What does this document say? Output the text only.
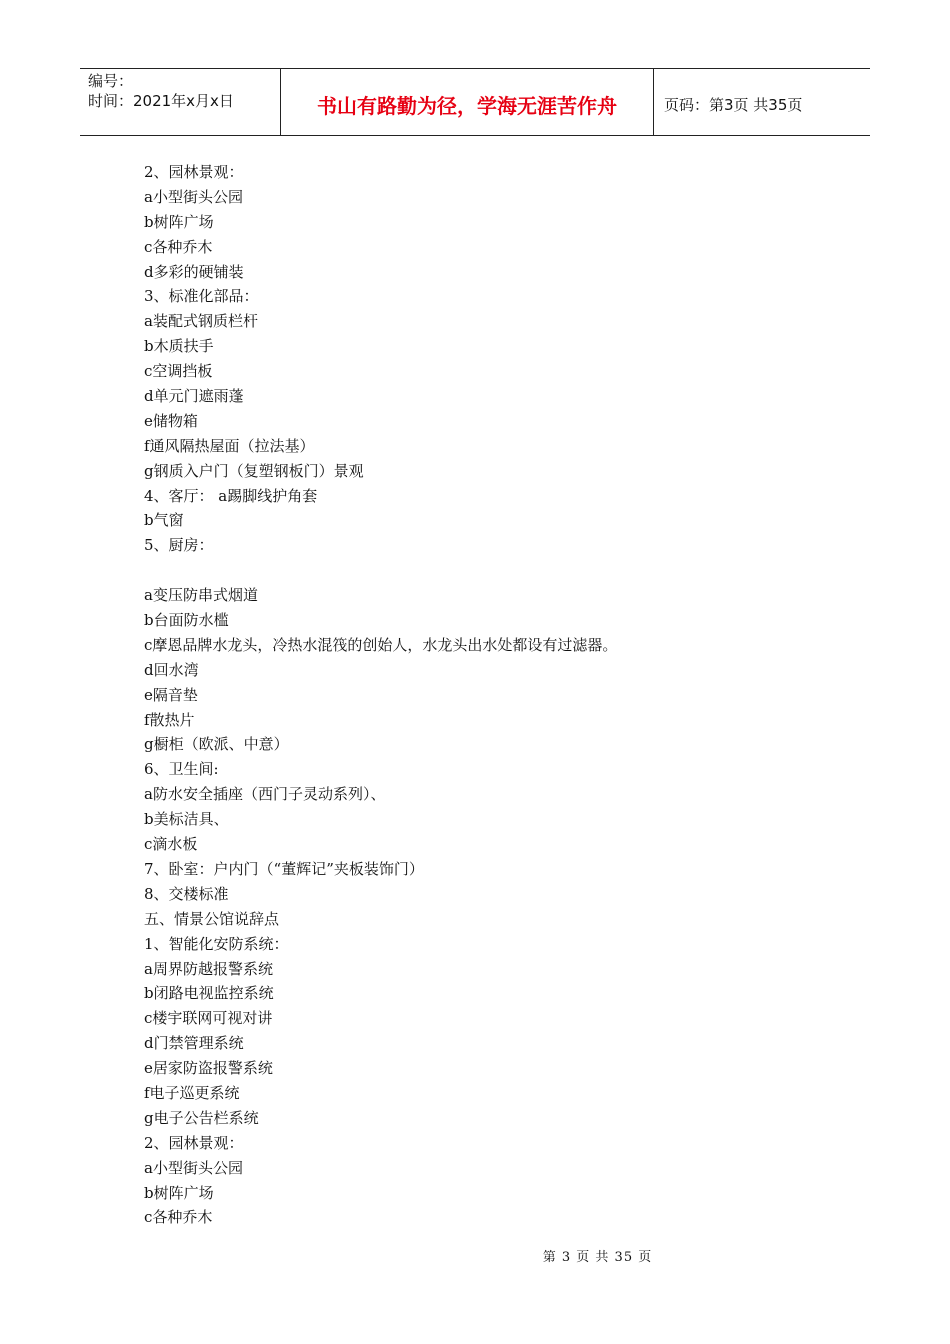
编号：
时间：2021年x月x日	书山有路勤为径，学海无涯苦作舟	页码：第3页 共35页
2、园林景观：
a小型街头公园
b树阵广场
c各种乔木
d多彩的硬铺装
3、标准化部品：
a装配式钢质栏杆
b木质扶手
c空调挡板
d单元门遮雨蓬
e储物箱
f通风隔热屋面（拉法基）
g钢质入户门（复塑钢板门）景观
4、客厅： a踢脚线护角套
b气窗
5、厨房：
a变压防串式烟道
b台面防水槛
c摩恩品牌水龙头，冷热水混筏的创始人，水龙头出水处都设有过滤器。
d回水湾
e隔音垫
f散热片
g橱柜（欧派、中意）
6、卫生间:
a防水安全插座（西门子灵动系列）、
b美标洁具、
c滴水板
7、卧室：户内门（“董辉记”夹板装饰门）
8、交楼标准
五、情景公馆说辞点
1、智能化安防系统：
a周界防越报警系统
b闭路电视监控系统
c楼宇联网可视对讲
d门禁管理系统
e居家防盗报警系统
f电子巡更系统
g电子公告栏系统
2、园林景观：
a小型街头公园
b树阵广场
c各种乔木
第 3 页 共 35 页
